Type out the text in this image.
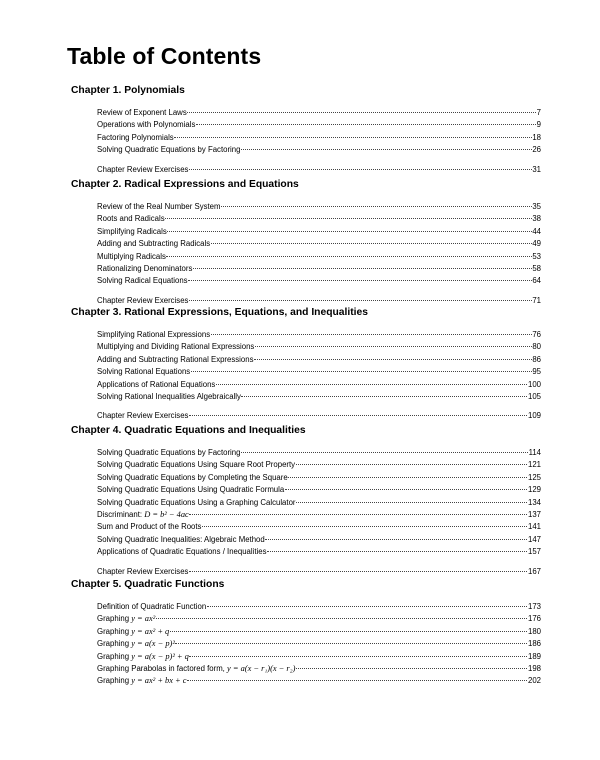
Table of Contents
Chapter 1. Polynomials
Review of Exponent Laws	7
Operations with Polynomials	9
Factoring Polynomials	18
Solving Quadratic Equations by Factoring	26
Chapter Review Exercises	31
Chapter 2. Radical Expressions and Equations
Review of the Real Number System	35
Roots and Radicals	38
Simplifying Radicals	44
Adding and Subtracting Radicals	49
Multiplying Radicals	53
Rationalizing Denominators	58
Solving Radical Equations	64
Chapter Review Exercises	71
Chapter 3. Rational Expressions, Equations, and Inequalities
Simplifying Rational Expressions	76
Multiplying and Dividing Rational Expressions	80
Adding and Subtracting Rational Expressions	86
Solving Rational Equations	95
Applications of Rational Equations	100
Solving Rational Inequalities Algebraically	105
Chapter Review Exercises	109
Chapter 4. Quadratic Equations and Inequalities
Solving Quadratic Equations by Factoring	114
Solving Quadratic Equations Using Square Root Property	121
Solving Quadratic Equations by Completing the Square	125
Solving Quadratic Equations Using Quadratic Formula	129
Solving Quadratic Equations Using a Graphing Calculator	134
Discriminant: D = b² − 4ac	137
Sum and Product of the Roots	141
Solving Quadratic Inequalities: Algebraic Method	147
Applications of Quadratic Equations / Inequalities	157
Chapter Review Exercises	167
Chapter 5. Quadratic Functions
Definition of Quadratic Function	173
Graphing y = ax²	176
Graphing y = ax² + q	180
Graphing y = a(x − p)²	186
Graphing y = a(x − p)² + q	189
Graphing Parabolas in factored form, y = a(x − r₁)(x − r₂)	198
Graphing y = ax² + bx + c	202
